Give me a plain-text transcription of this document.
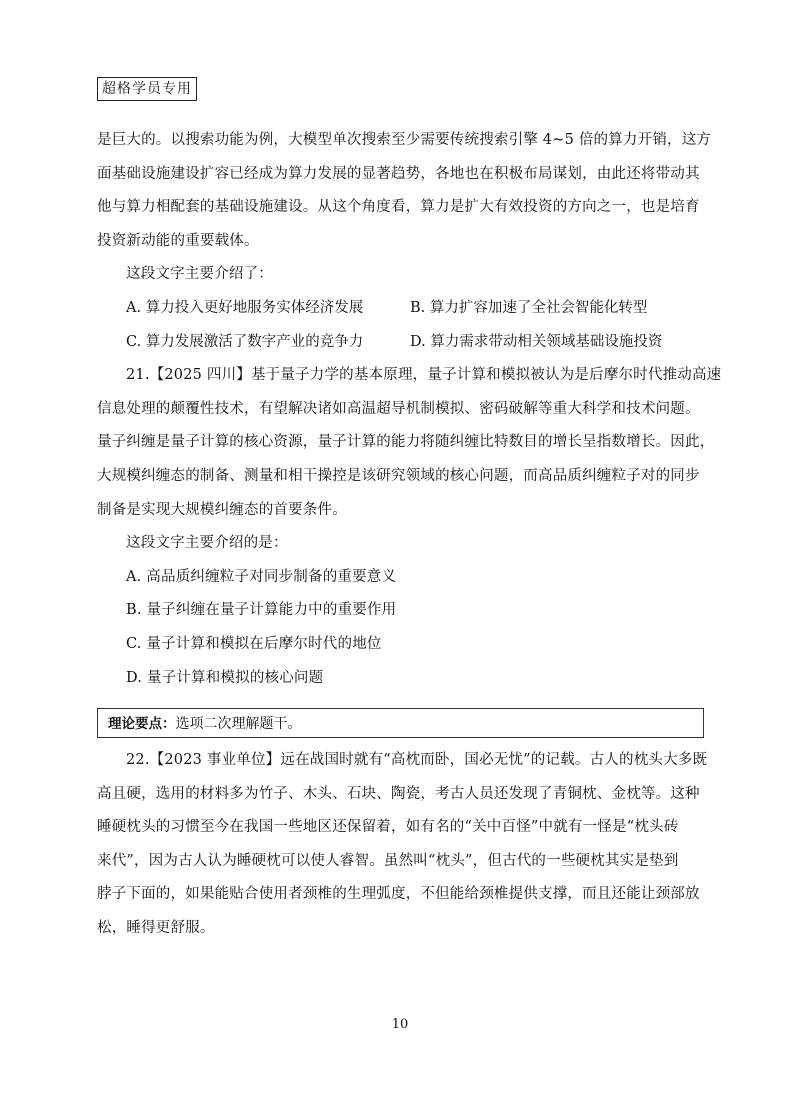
超格学员专用
是巨大的。以搜索功能为例，大模型单次搜索至少需要传统搜索引擎 4~5 倍的算力开销，这方
面基础设施建设扩容已经成为算力发展的显著趋势，各地也在积极布局谋划，由此还将带动其
他与算力相配套的基础设施建设。从这个角度看，算力是扩大有效投资的方向之一，也是培育
投资新动能的重要载体。
这段文字主要介绍了：
A. 算力投入更好地服务实体经济发展	B. 算力扩容加速了全社会智能化转型
C. 算力发展激活了数字产业的竞争力	D. 算力需求带动相关领域基础设施投资
21.【2025 四川】基于量子力学的基本原理，量子计算和模拟被认为是后摩尔时代推动高速
信息处理的颠覆性技术，有望解决诸如高温超导机制模拟、密码破解等重大科学和技术问题。
量子纠缠是量子计算的核心资源，量子计算的能力将随纠缠比特数目的增长呈指数增长。因此，
大规模纠缠态的制备、测量和相干操控是该研究领域的核心问题，而高品质纠缠粒子对的同步
制备是实现大规模纠缠态的首要条件。
这段文字主要介绍的是：
A. 高品质纠缠粒子对同步制备的重要意义
B. 量子纠缠在量子计算能力中的重要作用
C. 量子计算和模拟在后摩尔时代的地位
D. 量子计算和模拟的核心问题
理论要点：选项二次理解题干。
22.【2023 事业单位】远在战国时就有“高枕而卧，国必无忧”的记载。古人的枕头大多既
高且硬，选用的材料多为竹子、木头、石块、陶瓷，考古人员还发现了青铜枕、金枕等。这种
睡硬枕头的习惯至今在我国一些地区还保留着，如有名的“关中百怪”中就有一怪是“枕头砖
来代”，因为古人认为睡硬枕可以使人睿智。虽然叫“枕头”，但古代的一些硬枕其实是垫到
脖子下面的，如果能贴合使用者颈椎的生理弧度，不但能给颈椎提供支撑，而且还能让颈部放
松，睡得更舒服。
10
